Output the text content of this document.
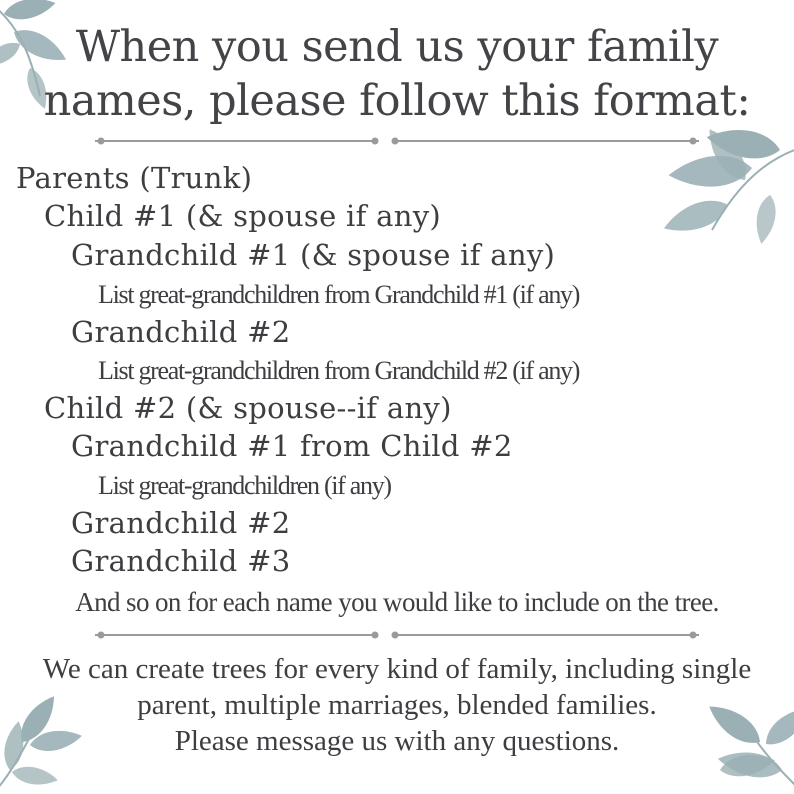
When you send us your family
names, please follow this format:
Parents (Trunk)
Child #1 (& spouse if any)
Grandchild #1 (& spouse if any)
List great-grandchildren from Grandchild #1 (if any)
Grandchild #2
List great-grandchildren from Grandchild #2 (if any)
Child #2 (& spouse--if any)
Grandchild #1 from Child #2
List great-grandchildren (if any)
Grandchild #2
Grandchild #3
And so on for each name you would like to include on the tree.
We can create trees for every kind of family, including single
parent, multiple marriages, blended families.
Please message us with any questions.
